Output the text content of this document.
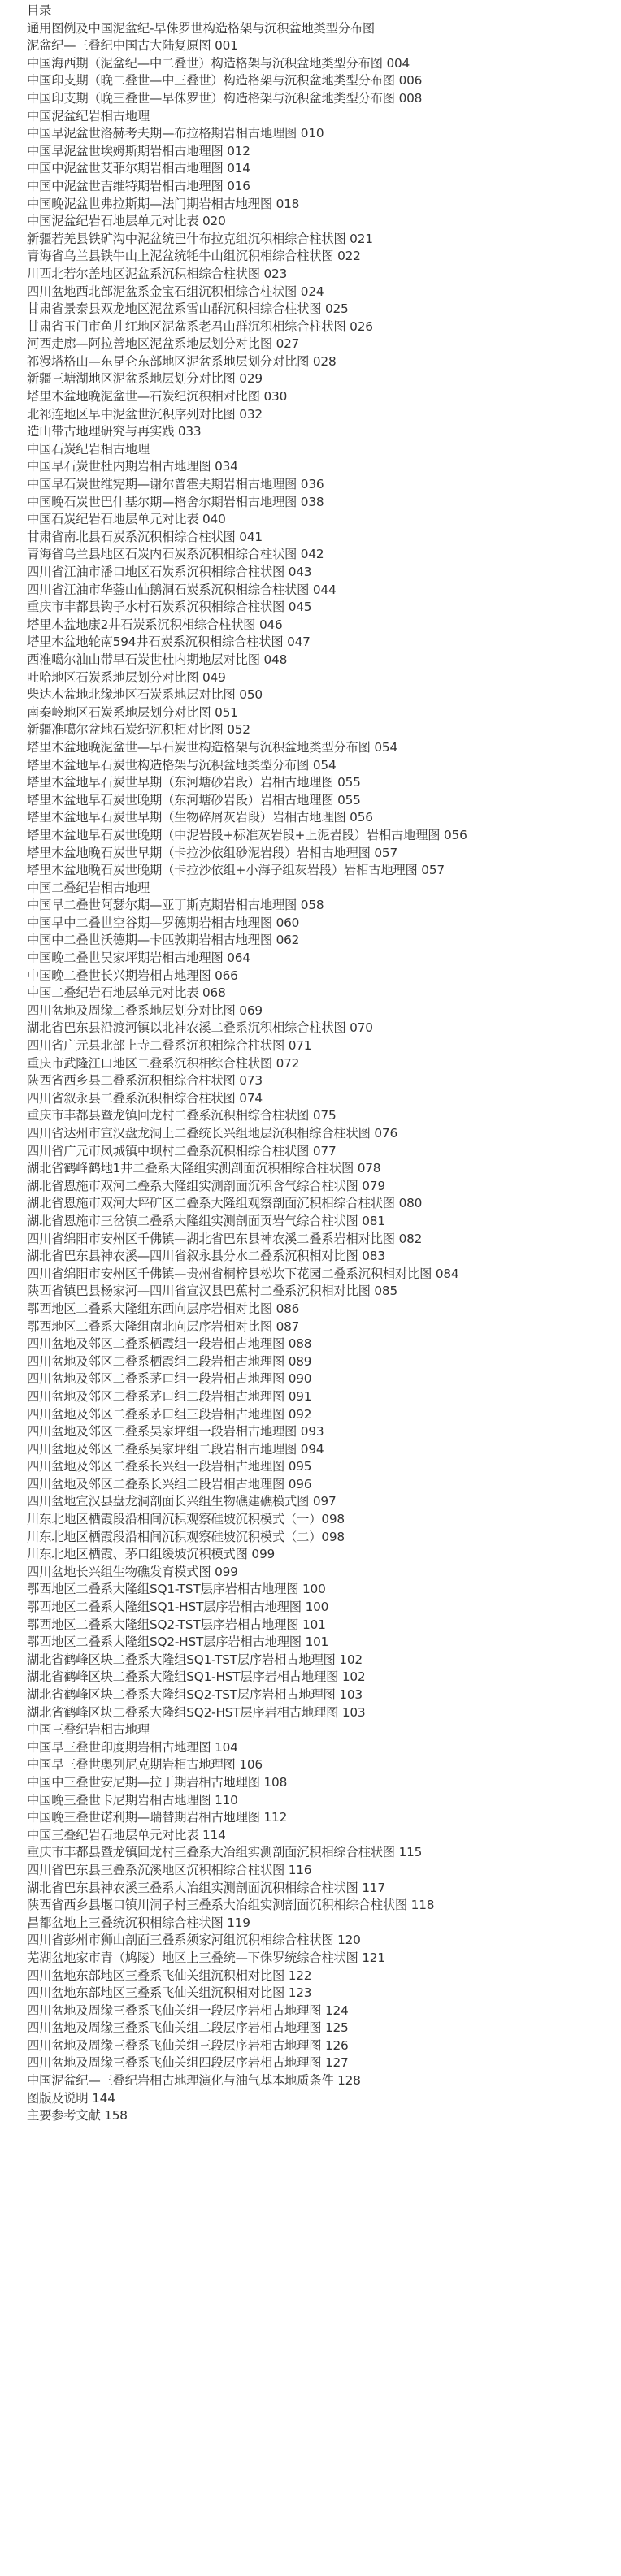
目录
通用图例及中国泥盆纪-早侏罗世构造格架与沉积盆地类型分布图
泥盆纪—三叠纪中国古大陆复原图 001
中国海西期（泥盆纪—中二叠世）构造格架与沉积盆地类型分布图 004
中国印支期（晚二叠世—中三叠世）构造格架与沉积盆地类型分布图 006
中国印支期（晚三叠世—早侏罗世）构造格架与沉积盆地类型分布图 008
中国泥盆纪岩相古地理
中国早泥盆世洛赫考夫期—布拉格期岩相古地理图 010
中国早泥盆世埃姆斯期岩相古地理图 012
中国中泥盆世艾菲尔期岩相古地理图 014
中国中泥盆世吉维特期岩相古地理图 016
中国晚泥盆世弗拉斯期—法门期岩相古地理图 018
中国泥盆纪岩石地层单元对比表 020
新疆若羌县铁矿沟中泥盆统巴什布拉克组沉积相综合柱状图 021
青海省乌兰县铁牛山上泥盆统牦牛山组沉积相综合柱状图 022
川西北若尔盖地区泥盆系沉积相综合柱状图 023
四川盆地西北部泥盆系金宝石组沉积相综合柱状图 024
甘肃省景泰县双龙地区泥盆系雪山群沉积相综合柱状图 025
甘肃省玉门市鱼儿红地区泥盆系老君山群沉积相综合柱状图 026
河西走廊—阿拉善地区泥盆系地层划分对比图 027
祁漫塔格山—东昆仑东部地区泥盆系地层划分对比图 028
新疆三塘湖地区泥盆系地层划分对比图 029
塔里木盆地晚泥盆世—石炭纪沉积相对比图 030
北祁连地区早中泥盆世沉积序列对比图 032
造山带古地理研究与再实践 033
中国石炭纪岩相古地理
中国早石炭世杜内期岩相古地理图 034
中国早石炭世维宪期—谢尔普霍夫期岩相古地理图 036
中国晚石炭世巴什基尔期—格舍尔期岩相古地理图 038
中国石炭纪岩石地层单元对比表 040
甘肃省南北县石炭系沉积相综合柱状图 041
青海省乌兰县地区石炭内石炭系沉积相综合柱状图 042
四川省江油市潘口地区石炭系沉积相综合柱状图 043
四川省江油市华蓥山仙鹅洞石炭系沉积相综合柱状图 044
重庆市丰都县钩子水村石炭系沉积相综合柱状图 045
塔里木盆地康2井石炭系沉积相综合柱状图 046
塔里木盆地轮南594井石炭系沉积相综合柱状图 047
西准噶尔油山带早石炭世杜内期地层对比图 048
吐哈地区石炭系地层划分对比图 049
柴达木盆地北缘地区石炭系地层对比图 050
南秦岭地区石炭系地层划分对比图 051
新疆准噶尔盆地石炭纪沉积相对比图 052
塔里木盆地晚泥盆世—早石炭世构造格架与沉积盆地类型分布图 054
塔里木盆地早石炭世构造格架与沉积盆地类型分布图 054
塔里木盆地早石炭世早期（东河塘砂岩段）岩相古地理图 055
塔里木盆地早石炭世晚期（东河塘砂岩段）岩相古地理图 055
塔里木盆地早石炭世早期（生物碎屑灰岩段）岩相古地理图 056
塔里木盆地早石炭世晚期（中泥岩段+标准灰岩段+上泥岩段）岩相古地理图 056
塔里木盆地晚石炭世早期（卡拉沙依组砂泥岩段）岩相古地理图 057
塔里木盆地晚石炭世晚期（卡拉沙依组+小海子组灰岩段）岩相古地理图 057
中国二叠纪岩相古地理
中国早二叠世阿瑟尔期—亚丁斯克期岩相古地理图 058
中国早中二叠世空谷期—罗德期岩相古地理图 060
中国中二叠世沃德期—卡匹敦期岩相古地理图 062
中国晚二叠世吴家坪期岩相古地理图 064
中国晚二叠世长兴期岩相古地理图 066
中国二叠纪岩石地层单元对比表 068
四川盆地及周缘二叠系地层划分对比图 069
湖北省巴东县沿渡河镇以北神农溪二叠系沉积相综合柱状图 070
四川省广元县北部上寺二叠系沉积相综合柱状图 071
重庆市武隆江口地区二叠系沉积相综合柱状图 072
陕西省西乡县二叠系沉积相综合柱状图 073
四川省叙永县二叠系沉积相综合柱状图 074
重庆市丰都县暨龙镇回龙村二叠系沉积相综合柱状图 075
四川省达州市宣汉盘龙洞上二叠统长兴组地层沉积相综合柱状图 076
四川省广元市凤城镇中坝村二叠系沉积相综合柱状图 077
湖北省鹤峰鹤地1井二叠系大隆组实测剖面沉积相综合柱状图 078
湖北省恩施市双河二叠系大隆组实测剖面沉积含气综合柱状图 079
湖北省恩施市双河大坪矿区二叠系大隆组观察剖面沉积相综合柱状图 080
湖北省恩施市三岔镇二叠系大隆组实测剖面页岩气综合柱状图 081
四川省绵阳市安州区千佛镇—湖北省巴东县神农溪二叠系岩相对比图 082
湖北省巴东县神农溪—四川省叙永县分水二叠系沉积相对比图 083
四川省绵阳市安州区千佛镇—贵州省桐梓县松坎下花园二叠系沉积相对比图 084
陕西省镇巴县杨家河—四川省宣汉县巴蕉村二叠系沉积相对比图 085
鄂西地区二叠系大隆组东西向层序岩相对比图 086
鄂西地区二叠系大隆组南北向层序岩相对比图 087
四川盆地及邻区二叠系栖霞组一段岩相古地理图 088
四川盆地及邻区二叠系栖霞组二段岩相古地理图 089
四川盆地及邻区二叠系茅口组一段岩相古地理图 090
四川盆地及邻区二叠系茅口组二段岩相古地理图 091
四川盆地及邻区二叠系茅口组三段岩相古地理图 092
四川盆地及邻区二叠系吴家坪组一段岩相古地理图 093
四川盆地及邻区二叠系吴家坪组二段岩相古地理图 094
四川盆地及邻区二叠系长兴组一段岩相古地理图 095
四川盆地及邻区二叠系长兴组二段岩相古地理图 096
四川盆地宣汉县盘龙洞剖面长兴组生物礁建礁模式图 097
川东北地区栖霞段沿相间沉积观察硅坡沉积模式（一）098
川东北地区栖霞段沿相间沉积观察硅坡沉积模式（二）098
川东北地区栖霞、茅口组缓坡沉积模式图 099
四川盆地长兴组生物礁发育模式图 099
鄂西地区二叠系大隆组SQ1-TST层序岩相古地理图 100
鄂西地区二叠系大隆组SQ1-HST层序岩相古地理图 100
鄂西地区二叠系大隆组SQ2-TST层序岩相古地理图 101
鄂西地区二叠系大隆组SQ2-HST层序岩相古地理图 101
湖北省鹤峰区块二叠系大隆组SQ1-TST层序岩相古地理图 102
湖北省鹤峰区块二叠系大隆组SQ1-HST层序岩相古地理图 102
湖北省鹤峰区块二叠系大隆组SQ2-TST层序岩相古地理图 103
湖北省鹤峰区块二叠系大隆组SQ2-HST层序岩相古地理图 103
中国三叠纪岩相古地理
中国早三叠世印度期岩相古地理图 104
中国早三叠世奥列尼克期岩相古地理图 106
中国中三叠世安尼期—拉丁期岩相古地理图 108
中国晚三叠世卡尼期岩相古地理图 110
中国晚三叠世诺利期—瑞替期岩相古地理图 112
中国三叠纪岩石地层单元对比表 114
重庆市丰都县暨龙镇回龙村三叠系大冶组实测剖面沉积相综合柱状图 115
四川省巴东县三叠系沉溪地区沉积相综合柱状图 116
湖北省巴东县神农溪三叠系大冶组实测剖面沉积相综合柱状图 117
陕西省西乡县堰口镇川洞子村三叠系大冶组实测剖面沉积相综合柱状图 118
昌都盆地上三叠统沉积相综合柱状图 119
四川省彭州市狮山剖面三叠系须家河组沉积相综合柱状图 120
芜湖盆地家市青（鸠陵）地区上三叠统—下侏罗统综合柱状图 121
四川盆地东部地区三叠系飞仙关组沉积相对比图 122
四川盆地东部地区三叠系飞仙关组沉积相对比图 123
四川盆地及周缘三叠系飞仙关组一段层序岩相古地理图 124
四川盆地及周缘三叠系飞仙关组二段层序岩相古地理图 125
四川盆地及周缘三叠系飞仙关组三段层序岩相古地理图 126
四川盆地及周缘三叠系飞仙关组四段层序岩相古地理图 127
中国泥盆纪—三叠纪岩相古地理演化与油气基本地质条件 128
图版及说明 144
主要参考文献 158
